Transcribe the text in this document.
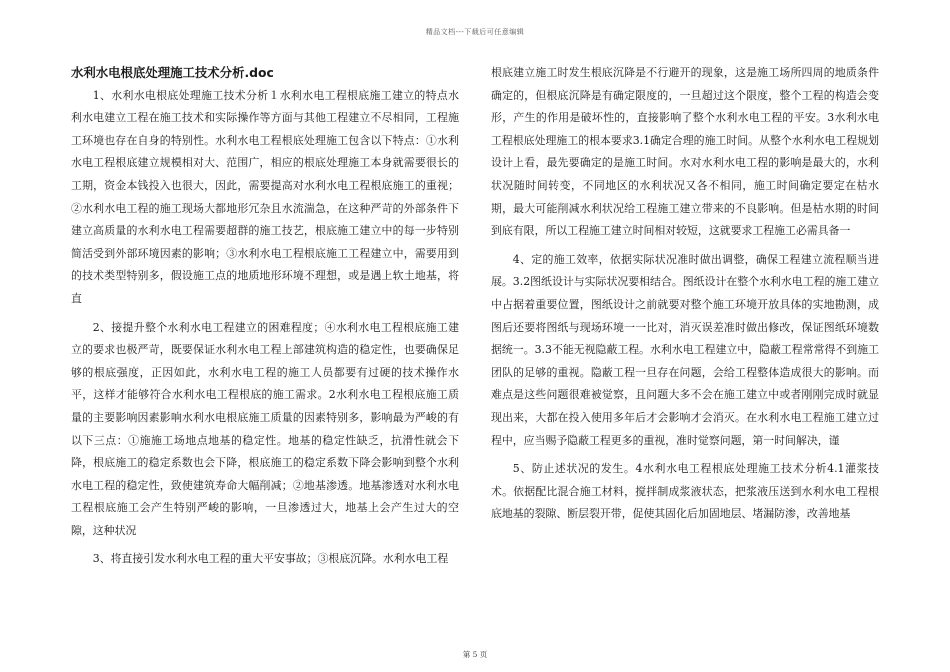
精品文档---下载后可任意编辑
水利水电根底处理施工技术分析.doc

1、水利水电根底处理施工技术分析１水利水电工程根底施工建立的特点水利水电建立工程在施工技术和实际操作等方面与其他工程建立不尽相同，工程施工环境也存在自身的特别性。水利水电工程根底处理施工包含以下特点：①水利水电工程根底建立规模相对大、范围广，相应的根底处理施工本身就需要很长的工期，资金本钱投入也很大，因此，需要提高对水利水电工程根底施工的重视；②水利水电工程的施工现场大都地形冗杂且水流湍急，在这种严苛的外部条件下建立高质量的水利水电工程需要超群的施工技艺，根底施工建立中的每一步特别简活受到外部环境因素的影响；③水利水电工程根底施工工程建立中，需要用到的技术类型特别多，假设施工点的地质地形环境不理想，或是遇上软土地基，将直

2、接提升整个水利水电工程建立的困难程度；④水利水电工程根底施工建立的要求也极严苛，既要保证水利水电工程上部建筑构造的稳定性，也要确保足够的根底强度，正因如此，水利水电工程的施工人员都要有过硬的技术操作水平，这样才能够符合水利水电工程根底的施工需求。2水利水电工程根底施工质量的主要影响因素影响水利水电根底施工质量的因素特别多，影响最为严峻的有以下三点：①施施工场地点地基的稳定性。地基的稳定性缺乏，抗滑性就会下降，根底施工的稳定系数也会下降，根底施工的稳定系数下降会影响到整个水利水电工程的稳定性，致使建筑寿命大幅削减；②地基渗透。地基渗透对水利水电工程根底施工会产生特别严峻的影响，一旦渗透过大，地基上会产生过大的空隙，这种状况

3、将直接引发水利水电工程的重大平安事故；③根底沉降。水利水电工程

根底建立施工时发生根底沉降是不行避开的现象，这是施工场所四周的地质条件确定的，但根底沉降是有确定限度的，一旦超过这个限度，整个工程的构造会变形，产生的作用是破坏性的，直接影响了整个水利水电工程的平安。3水利水电工程根底处理施工的根本要求3.1确定合理的施工时间。从整个水利水电工程规划设计上看，最先要确定的是施工时间。水对水利水电工程的影响是最大的，水利状况随时间转变，不同地区的水利状况又各不相同，施工时间确定要定在枯水期，最大可能削减水利状况给工程施工建立带来的不良影响。但是枯水期的时间到底有限，所以工程施工建立时间相对较短，这就要求工程施工必需具备一

4、定的施工效率，依据实际状况准时做出调整，确保工程建立流程顺当进展。3.2图纸设计与实际状况要相结合。图纸设计在整个水利水电工程的施工建立中占据着重要位置，图纸设计之前就要对整个施工环境开放具体的实地勘测，成图后还要将图纸与现场环境一一比对，消灭误差准时做出修改，保证图纸环境数据统一。3.3不能无视隐蔽工程。水利水电工程建立中，隐蔽工程常常得不到施工团队的足够的重视。隐蔽工程一旦存在问题，会给工程整体造成很大的影响。而难点是这些问题很难被觉察，且问题大多不会在施工建立中或者刚刚完成时就显现出来，大都在投入使用多年后才会影响才会消灭。在水利水电工程施工建立过程中，应当赐予隐蔽工程更多的重视，准时觉察问题，第一时间解决，谨

5、防止述状况的发生。4水利水电工程根底处理施工技术分析4.1灌浆技术。依据配比混合施工材料，搅拌制成浆液状态，把浆液压送到水利水电工程根底地基的裂隙、断层裂开带，促使其固化后加固地层、堵漏防渗，改善地基

第 5 页
